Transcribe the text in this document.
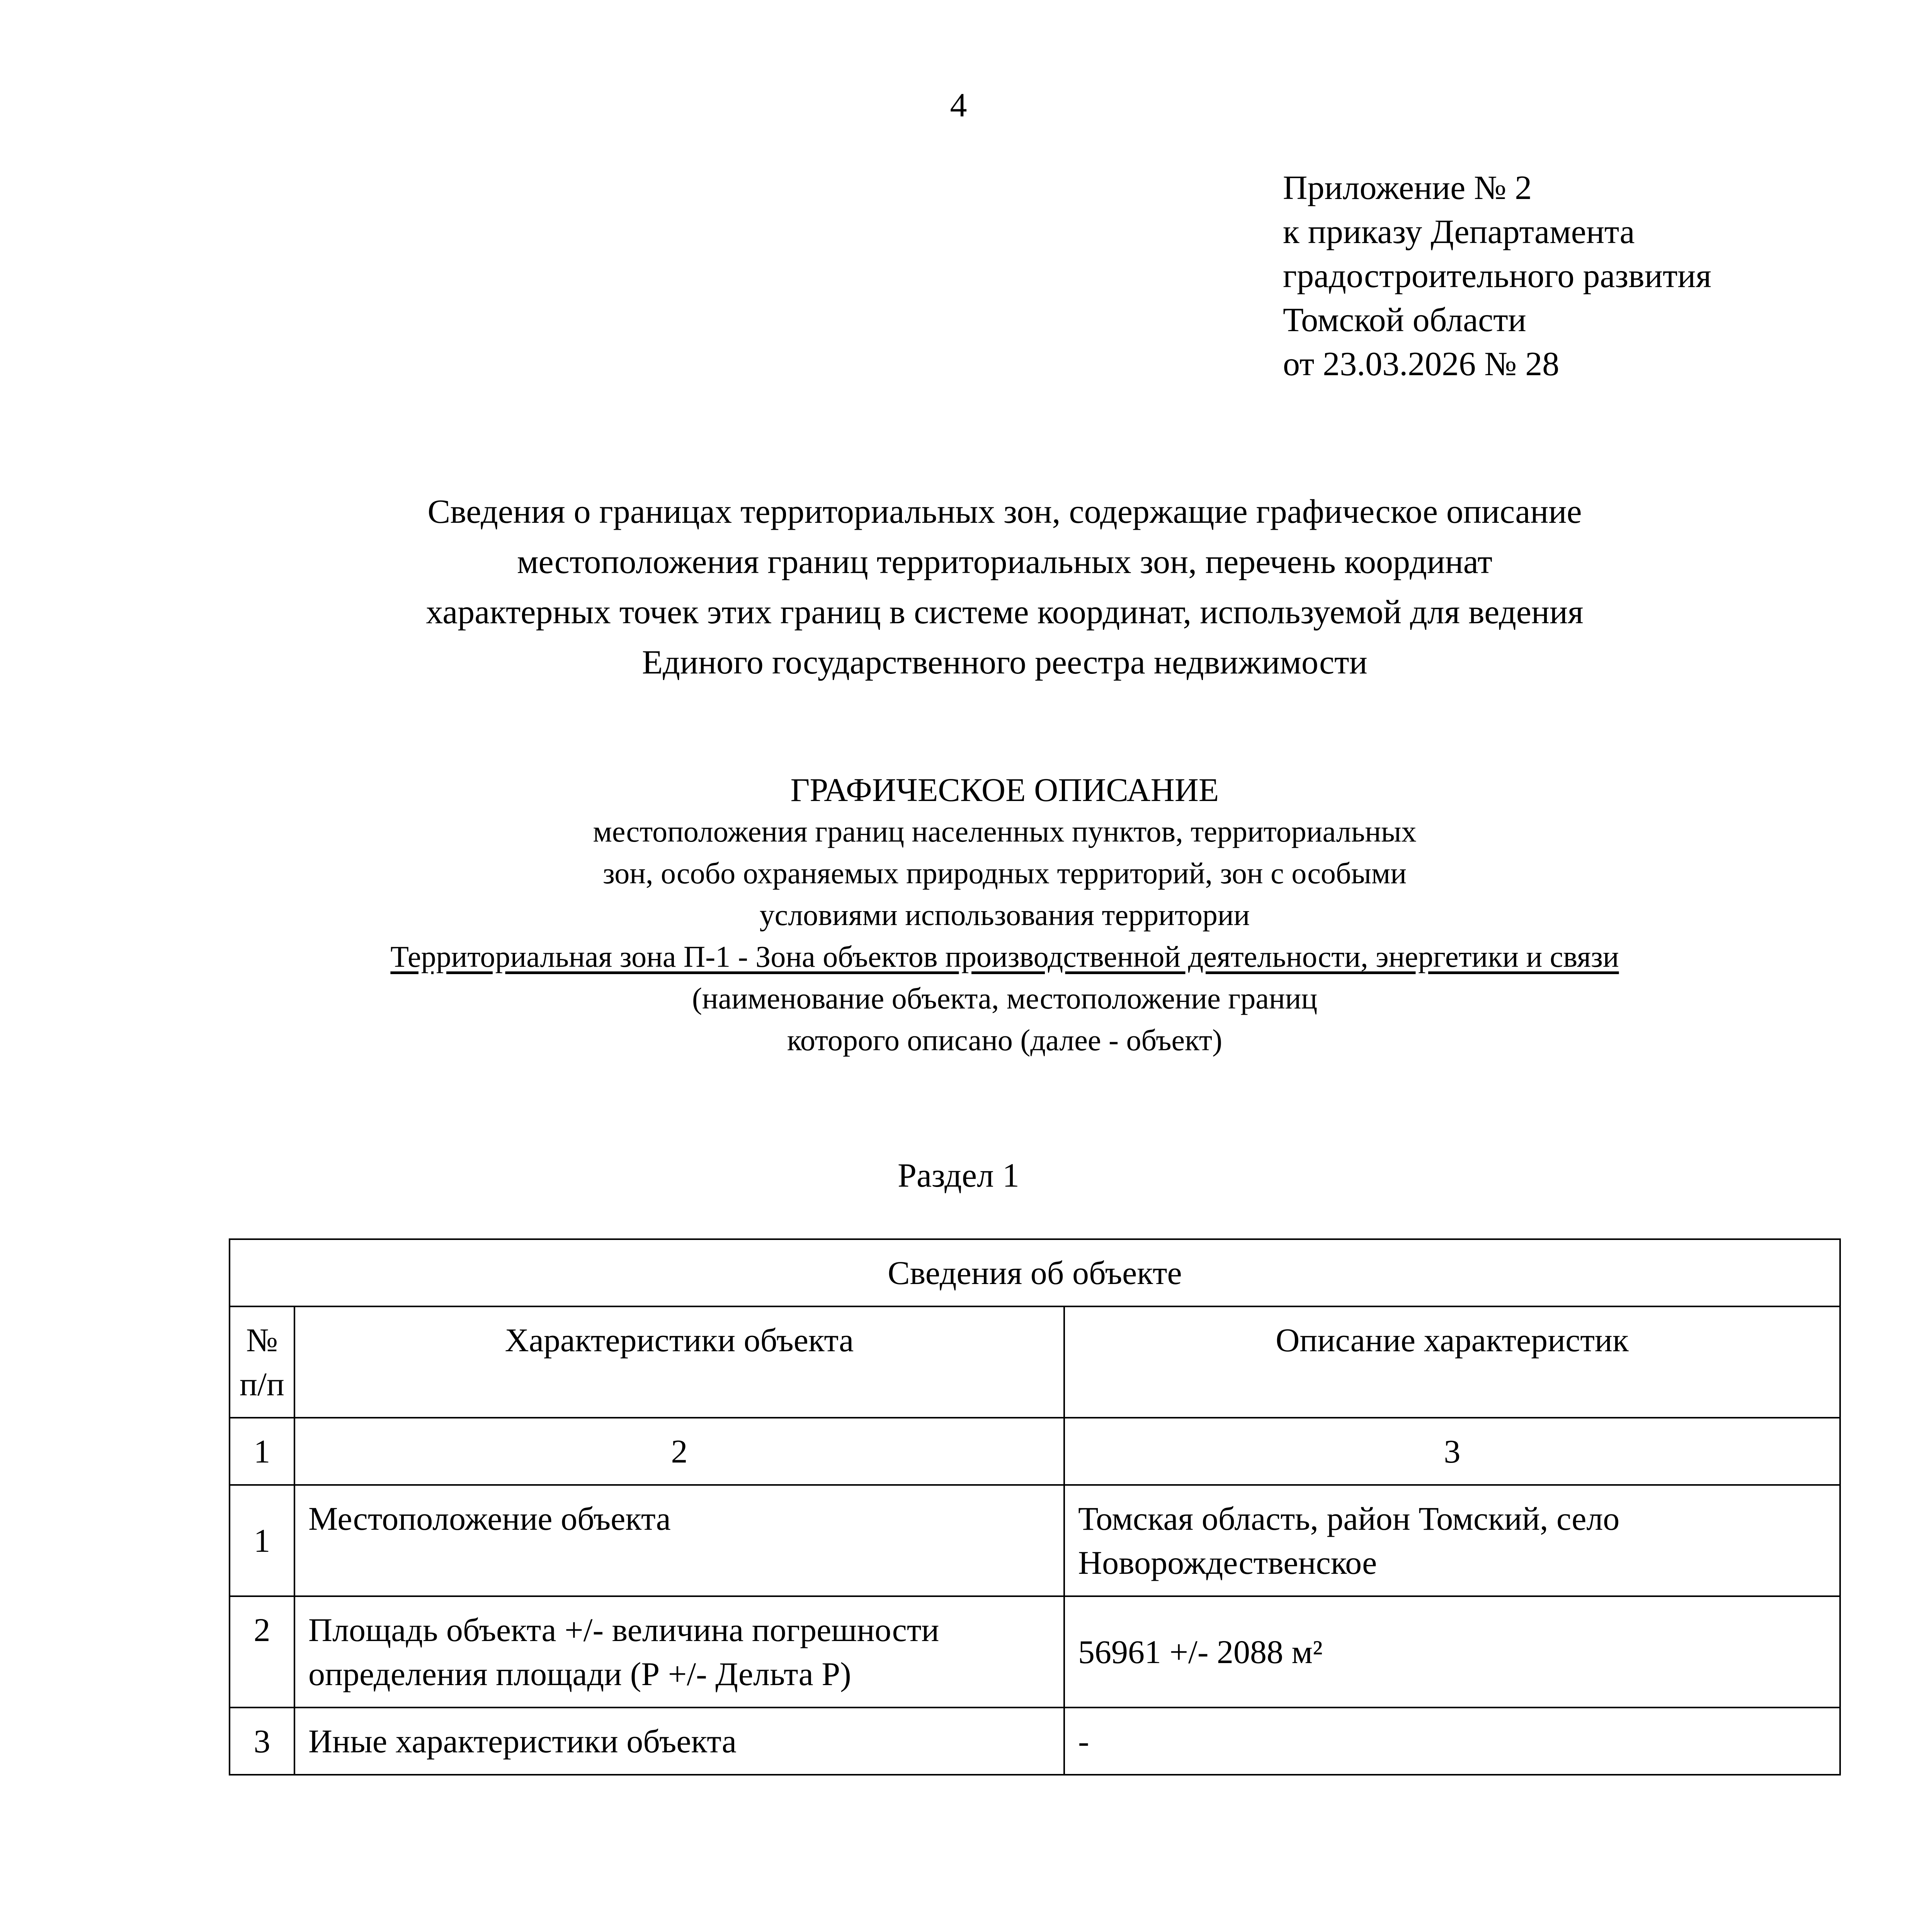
4
Приложение № 2
к приказу Департамента
градостроительного развития
Томской области
от 23.03.2026 № 28
Сведения о границах территориальных зон, содержащие графическое описание
местоположения границ территориальных зон, перечень координат
характерных точек этих границ в системе координат, используемой для ведения
Единого государственного реестра недвижимости
ГРАФИЧЕСКОЕ ОПИСАНИЕ
местоположения границ населенных пунктов, территориальных
зон, особо охраняемых природных территорий, зон с особыми
условиями использования территории
Территориальная зона П-1 - Зона объектов производственной деятельности, энергетики и связи
(наименование объекта, местоположение границ
которого описано (далее - объект)
Раздел 1
Сведения об объекте		
№ п/п	Характеристики объекта	Описание характеристик
1	2	3
1	Местоположение объекта	Томская область, район Томский, село Новорождественское
2	Площадь объекта +/- величина погрешности определения площади (Р +/- Дельта Р)	56961 +/- 2088 м²
3	Иные характеристики объекта	-
